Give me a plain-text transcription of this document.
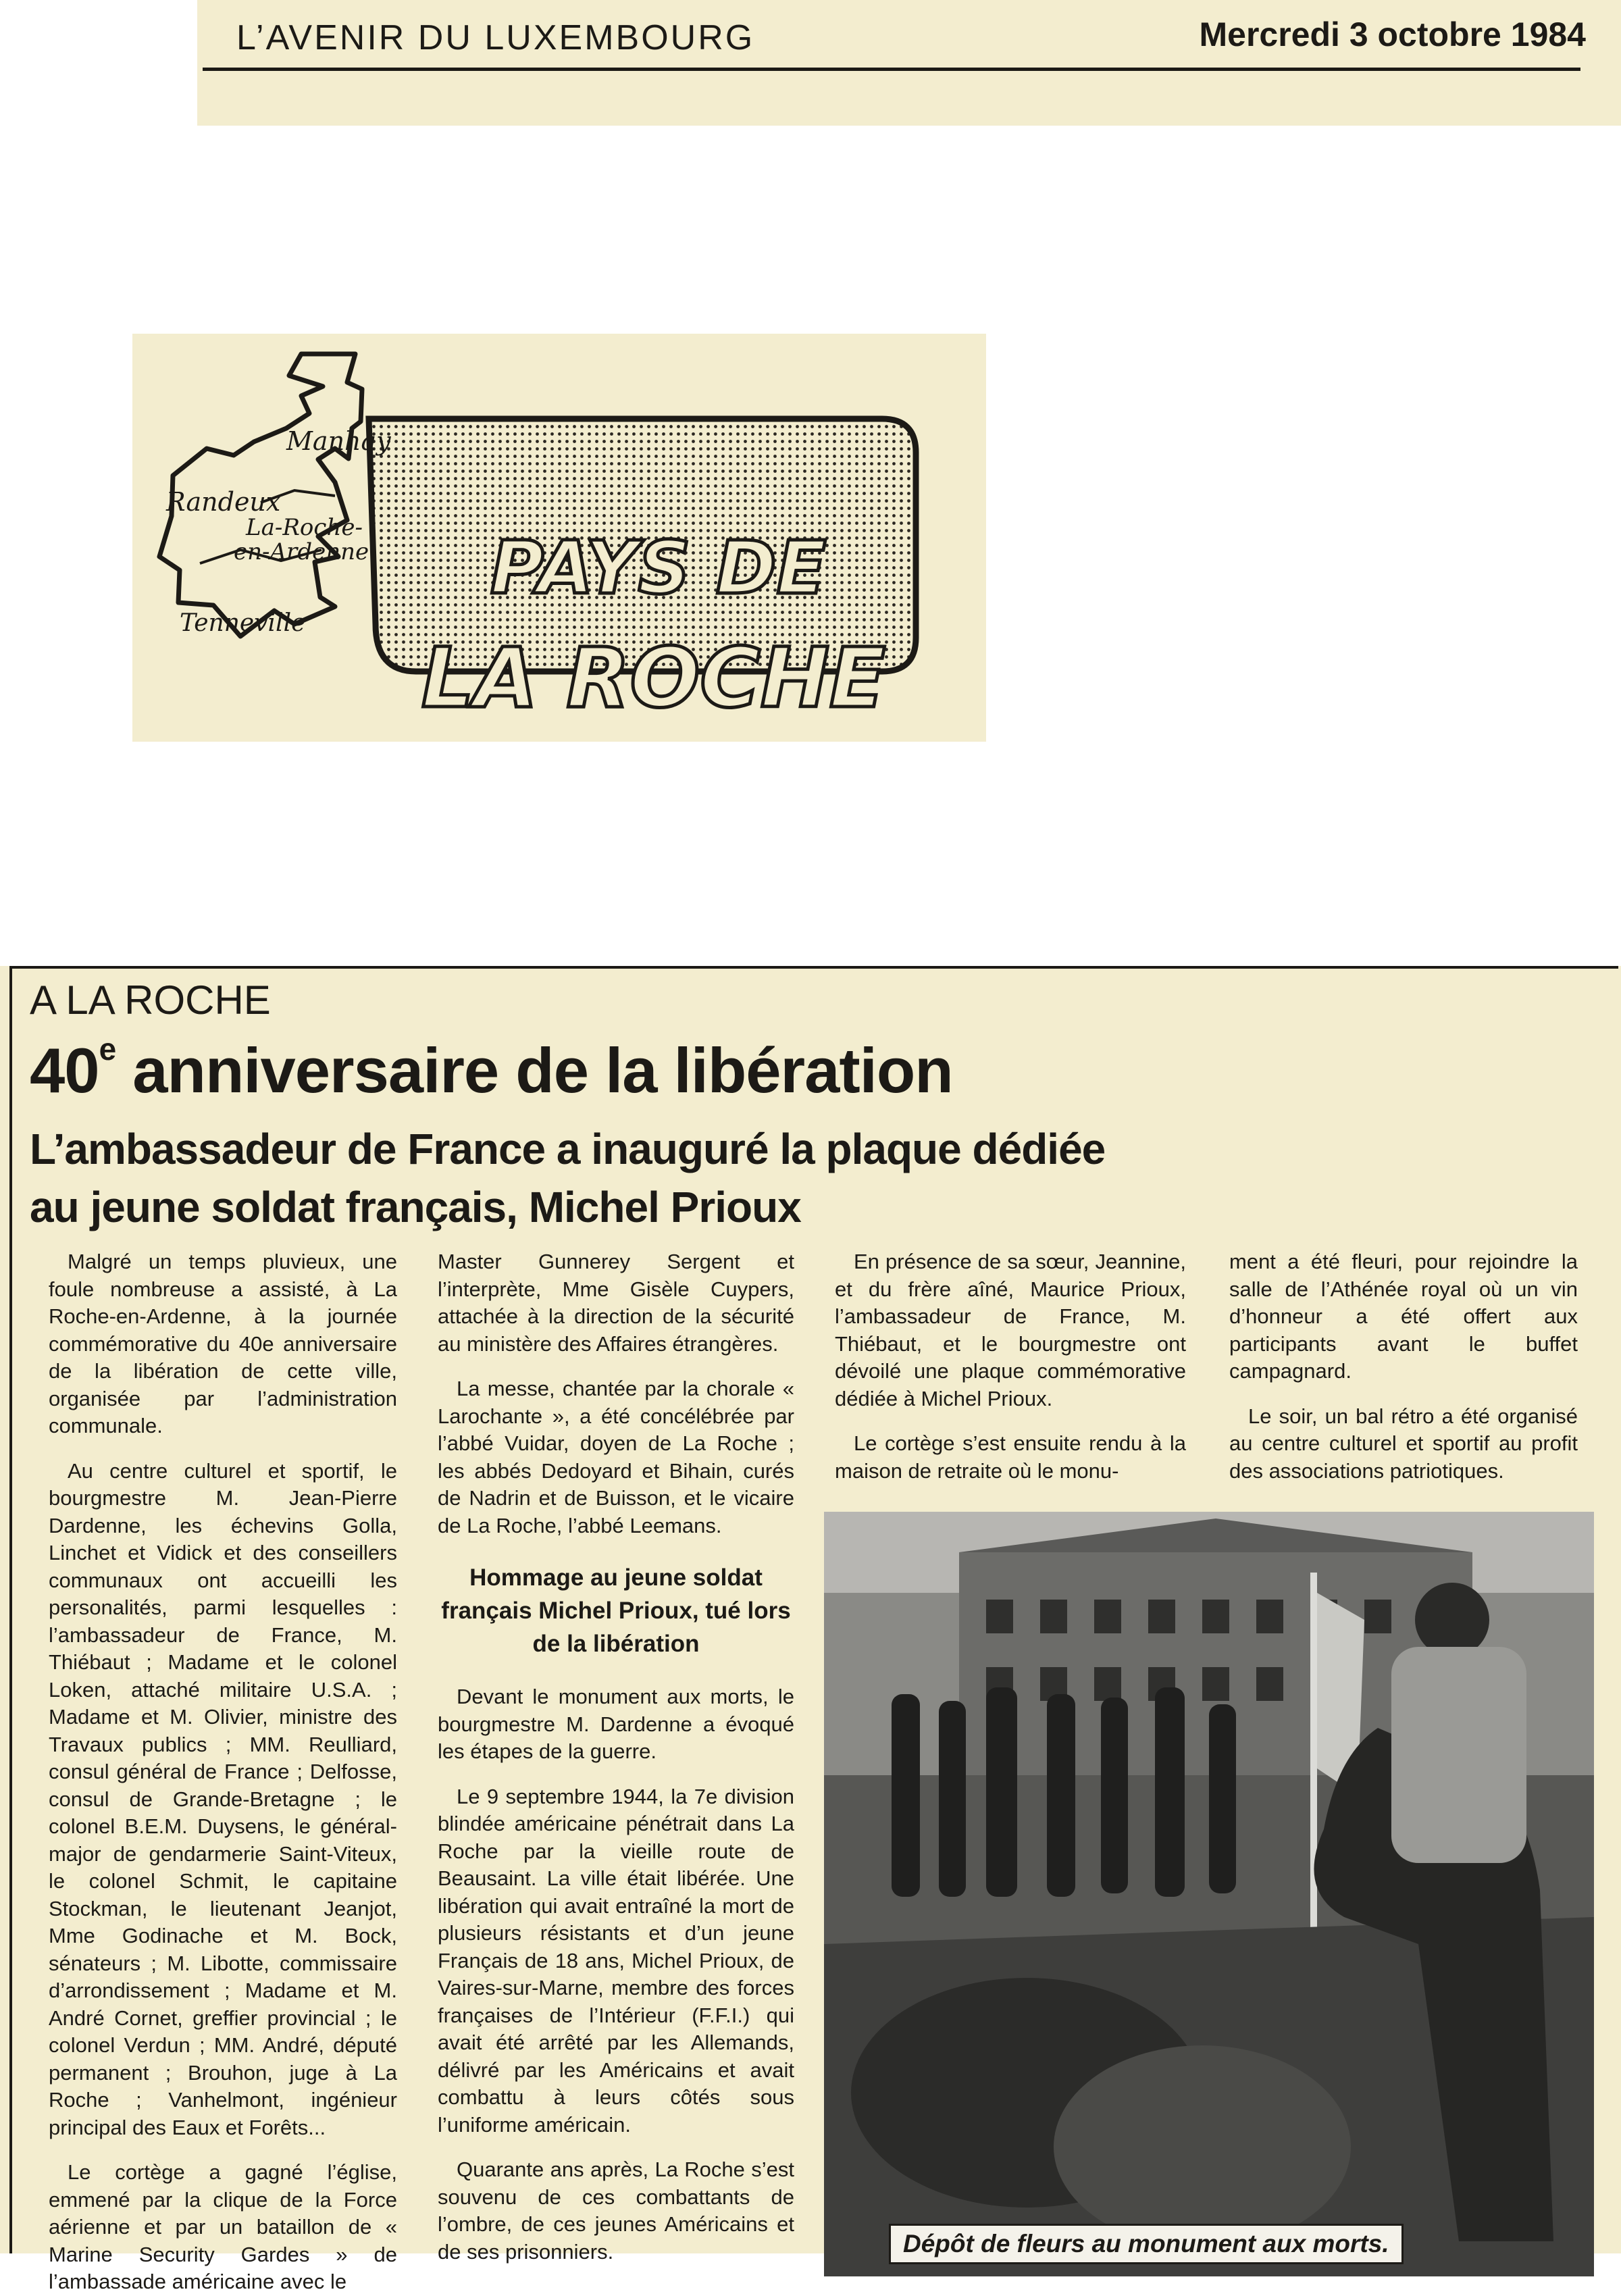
L’AVENIR DU LUXEMBOURG	Mercredi 3 octobre 1984
Manhay
Randeux
La-Roche-
en-Ardenne
Tenneville
PAYS DE
LA ROCHE
A LA ROCHE
40e anniversaire de la libération
L’ambassadeur de France a inauguré la plaque dédiée au jeune soldat français, Michel Prioux

Malgré un temps pluvieux, une foule nombreuse a assisté, à La Roche-en-Ardenne, à la journée commémorative du 40e anniversaire de la libération de cette ville, organisée par l’administration communale.

Au centre culturel et sportif, le bourgmestre M. Jean-Pierre Dardenne, les échevins Golla, Linchet et Vidick et des conseillers communaux ont accueilli les personalités, parmi lesquelles : l’ambassadeur de France, M. Thiébaut ; Madame et le colonel Loken, attaché militaire U.S.A. ; Madame et M. Olivier, ministre des Travaux publics ; MM. Reulliard, consul général de France ; Delfosse, consul de Grande-Bretagne ; le colonel B.E.M. Duysens, le général-major de gendarmerie Saint-Viteux, le colonel Schmit, le capitaine Stockman, le lieutenant Jeanjot, Mme Godinache et M. Bock, sénateurs ; M. Libotte, commissaire d’arrondissement ; Madame et M. André Cornet, greffier provincial ; le colonel Verdun ; MM. André, député permanent ; Brouhon, juge à La Roche ; Vanhelmont, ingénieur principal des Eaux et Forêts...

Le cortège a gagné l’église, emmené par la clique de la Force aérienne et par un bataillon de « Marine Security Gardes » de l’ambassade américaine avec le

Master Gunnerey Sergent et l’interprète, Mme Gisèle Cuypers, attachée à la direction de la sécurité au ministère des Affaires étrangères.

La messe, chantée par la chorale « Larochante », a été concélébrée par l’abbé Vuidar, doyen de La Roche ; les abbés Dedoyard et Bihain, curés de Nadrin et de Buisson, et le vicaire de La Roche, l’abbé Leemans.

Hommage au jeune soldat français Michel Prioux, tué lors de la libération

Devant le monument aux morts, le bourgmestre M. Dardenne a évoqué les étapes de la guerre.

Le 9 septembre 1944, la 7e division blindée américaine pénétrait dans La Roche par la vieille route de Beausaint. La ville était libérée. Une libération qui avait entraîné la mort de plusieurs résistants et d’un jeune Français de 18 ans, Michel Prioux, de Vaires-sur-Marne, membre des forces françaises de l’Intérieur (F.F.I.) qui avait été arrêté par les Allemands, délivré par les Américains et avait combattu à leurs côtés sous l’uniforme américain.

Quarante ans après, La Roche s’est souvenu de ces combattants de l’ombre, de ces jeunes Américains et de ses prisonniers.

En présence de sa sœur, Jeannine, et du frère aîné, Maurice Prioux, l’ambassadeur de France, M. Thiébaut, et le bourgmestre ont dévoilé une plaque commémorative dédiée à Michel Prioux.

Le cortège s’est ensuite rendu à la maison de retraite où le monu-

ment a été fleuri, pour rejoindre la salle de l’Athénée royal où un vin d’honneur a été offert aux participants avant le buffet campagnard.

Le soir, un bal rétro a été organisé au centre culturel et sportif au profit des associations patriotiques.

Dépôt de fleurs au monument aux morts.
